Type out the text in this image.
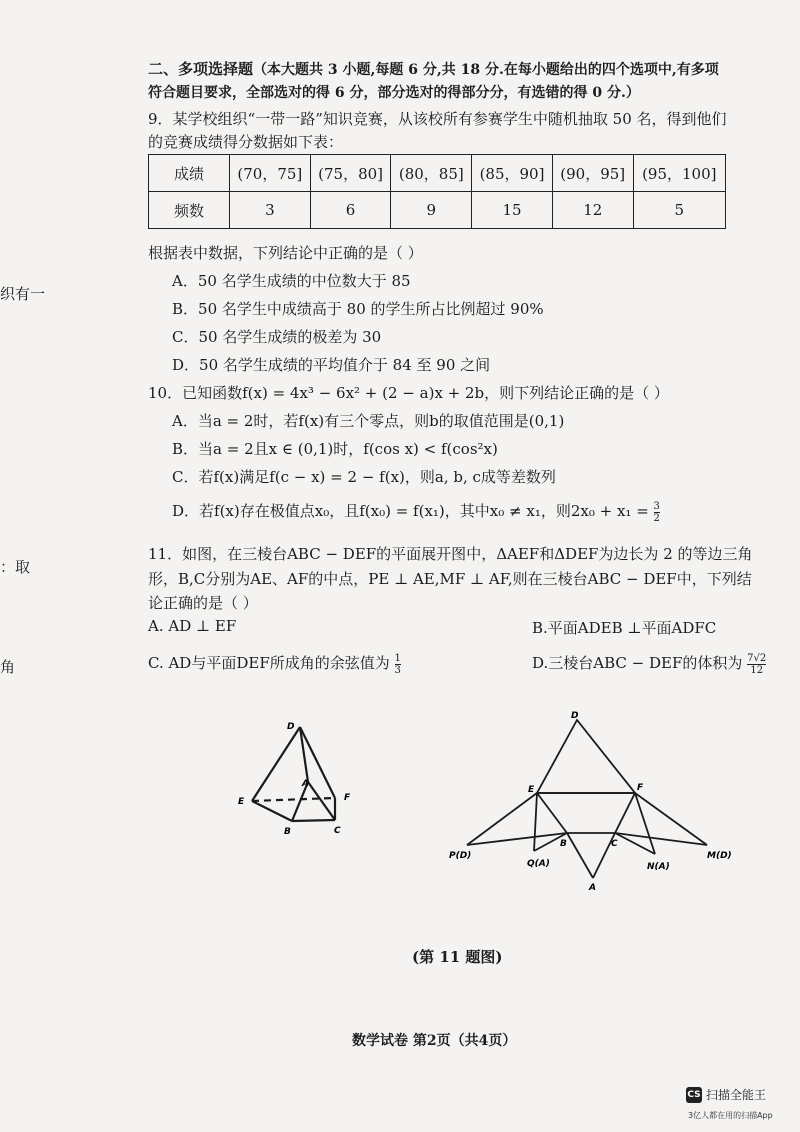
织有一
：取
角
二、多项选择题（本大题共 3 小题,每题 6 分,共 18 分.在每小题给出的四个选项中,有多项
符合题目要求，全部选对的得 6 分，部分选对的得部分分，有选错的得 0 分.）
9．某学校组织“一带一路”知识竞赛，从该校所有参赛学生中随机抽取 50 名，得到他们
的竞赛成绩得分数据如下表：
成绩	(70，75]	(75，80]	(80，85]	(85，90]	(90，95]	(95，100]
频数	3	6	9	15	12	5
根据表中数据，下列结论中正确的是（ ）
A．50 名学生成绩的中位数大于 85
B．50 名学生中成绩高于 80 的学生所占比例超过 90%
C．50 名学生成绩的极差为 30
D．50 名学生成绩的平均值介于 84 至 90 之间
10．已知函数f(x) = 4x³ − 6x² + (2 − a)x + 2b，则下列结论正确的是（ ）
A．当a = 2时，若f(x)有三个零点，则b的取值范围是(0,1)
B．当a = 2且x ∈ (0,1)时，f(cos x) < f(cos²x)
C．若f(x)满足f(c − x) = 2 − f(x)，则a, b, c成等差数列
D．若f(x)存在极值点x₀，且f(x₀) = f(x₁)，其中x₀ ≠ x₁，则$2x_0 + x_1 = \frac{3}{2}$
11．如图，在三棱台ABC − DEF的平面展开图中，ΔAEF和ΔDEF为边长为 2 的等边三角
形，B,C分别为AE、AF的中点，PE ⊥ AE,MF ⊥ AF,则在三棱台ABC − DEF中，下列结
论正确的是（ ）
A. AD ⊥ EF	B.平面ADEB ⊥平面ADFC
C. AD与平面DEF所成角的余弦值为 $\frac{1}{3}$	D.三棱台ABC − DEF的体积为 $\frac{7√2}{12}$
D
A
E	F
B	C
D
E	F
B	C
P(D)
Q(A)	N(A)
M(D)
A
(第 11 题图)
数学试卷 第2页（共4页）
CS 扫描全能王
3亿人都在用的扫描App
